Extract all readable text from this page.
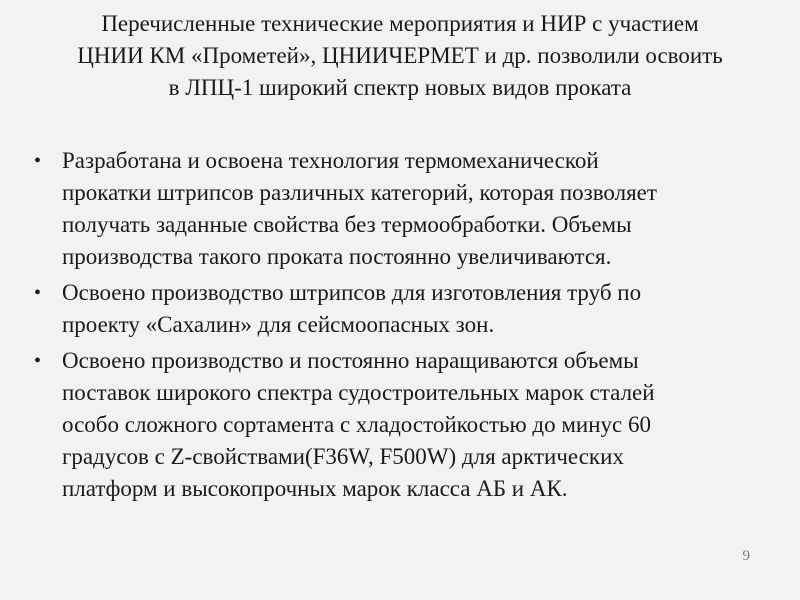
Перечисленные технические мероприятия и НИР с участием
ЦНИИ КМ «Прометей», ЦНИИЧЕРМЕТ и др. позволили освоить
в ЛПЦ-1 широкий спектр новых видов проката
• Разработана и освоена технология термомеханической
прокатки штрипсов различных категорий, которая позволяет
получать заданные свойства без термообработки. Объемы
производства такого проката постоянно увеличиваются.
• Освоено производство штрипсов для изготовления труб по
проекту «Сахалин» для сейсмоопасных зон.
• Освоено производство и постоянно наращиваются объемы
поставок широкого спектра судостроительных марок сталей
особо сложного сортамента с хладостойкостью до минус 60
градусов с Z-свойствами(F36W, F500W) для арктических
платформ и высокопрочных марок класса АБ и АК.
9
